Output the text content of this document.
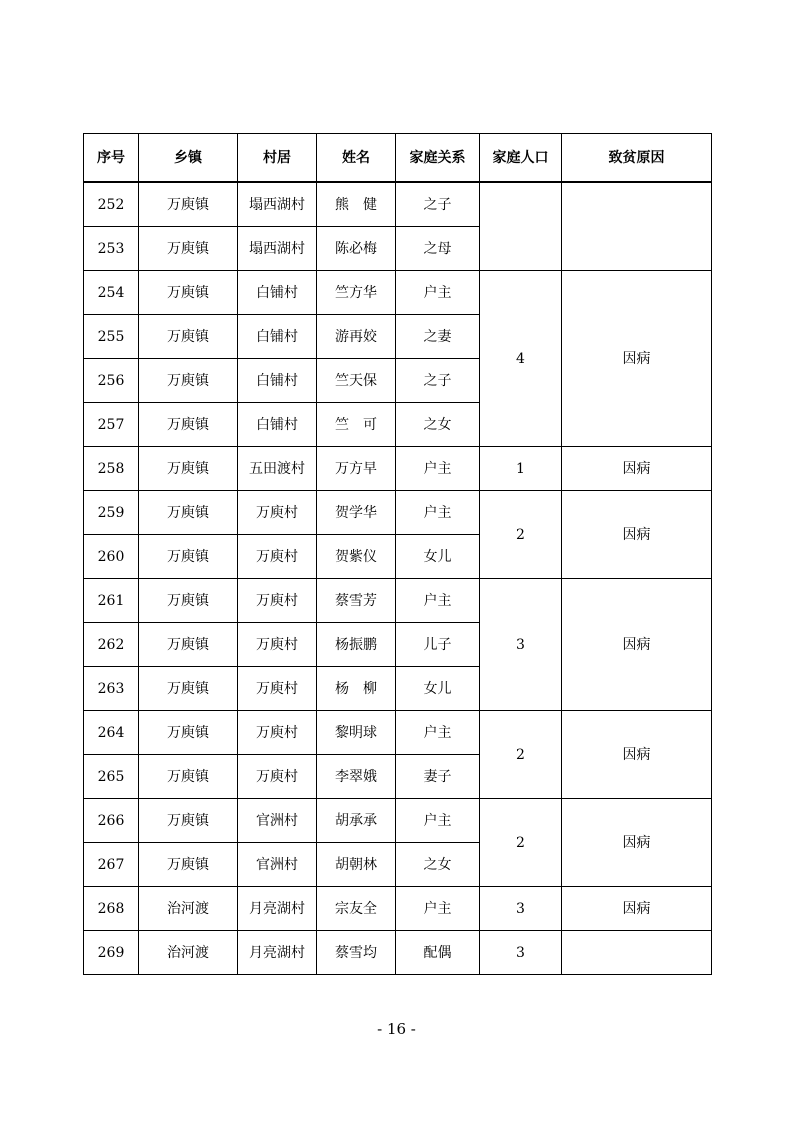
序号	乡镇	村居	姓名	家庭关系	家庭人口	致贫原因
252	万庾镇	塌西湖村	熊　健	之子		
253	万庾镇	塌西湖村	陈必梅	之母		
254	万庾镇	白铺村	竺方华	户主	4	因病
255	万庾镇	白铺村	游再姣	之妻		
256	万庾镇	白铺村	竺天保	之子		
257	万庾镇	白铺村	竺　可	之女		
258	万庾镇	五田渡村	万方早	户主	1	因病
259	万庾镇	万庾村	贺学华	户主	2	因病
260	万庾镇	万庾村	贺紫仪	女儿		
261	万庾镇	万庾村	蔡雪芳	户主	3	因病
262	万庾镇	万庾村	杨振鹏	儿子		
263	万庾镇	万庾村	杨　柳	女儿		
264	万庾镇	万庾村	黎明球	户主	2	因病
265	万庾镇	万庾村	李翠娥	妻子		
266	万庾镇	官洲村	胡承承	户主	2	因病
267	万庾镇	官洲村	胡朝林	之女		
268	治河渡	月亮湖村	宗友全	户主	3	因病
269	治河渡	月亮湖村	蔡雪均	配偶	3	
- 16 -
